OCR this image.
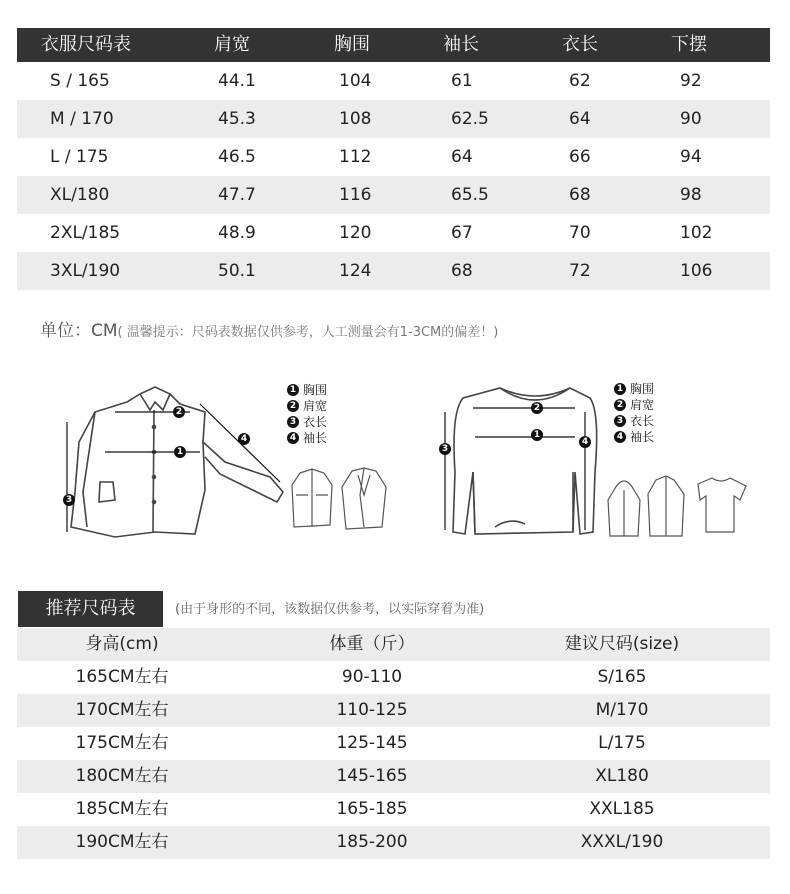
衣服尺码表	肩宽	胸围	袖长	衣长	下摆
S / 165	44.1	104	61	62	92
M / 170	45.3	108	62.5	64	90
L / 175	46.5	112	64	66	94
XL/180	47.7	116	65.5	68	98
2XL/185	48.9	120	67	70	102
3XL/190	50.1	124	68	72	106
单位：CM( 温馨提示：尺码表数据仅供参考，人工测量会有1-3CM的偏差！)
1
2
3
4
1 胸围
2 肩宽
3 衣长
4 袖长	1
2
3
4
1 胸围
2 肩宽
3 衣长
4 袖长
推荐尺码表	(由于身形的不同，该数据仅供参考，以实际穿着为准)
身高(cm)	体重（斤）	建议尺码(size)
165CM左右	90-110	S/165
170CM左右	110-125	M/170
175CM左右	125-145	L/175
180CM左右	145-165	XL180
185CM左右	165-185	XXL185
190CM左右	185-200	XXXL/190
